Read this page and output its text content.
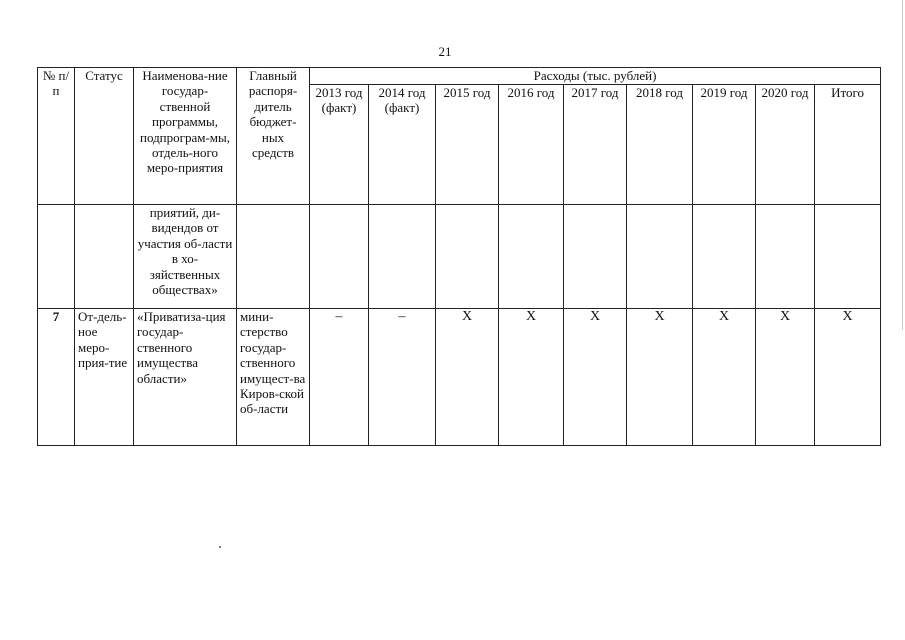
21
№ п/п	Статус	Наименова-ние государ-ственной программы, подпрограм-мы, отдель-ного меро-приятия	Главный распоря-дитель бюджет-ных средств	Расходы (тыс. рублей)								
				2013 год (факт)	2014 год (факт)	2015 год	2016 год	2017 год	2018 год	2019 год	2020 год	Итого
		приятий, ди-видендов от участия об-ласти в хо-зяйственных обществах»										
7	От-дель-ное меро-прия-тие	«Приватиза-ция государ-ственного имущества области»	мини-стерство государ-ственного имущест-ва Киров-ской об-ласти	–	–	Х	Х	Х	Х	Х	Х	Х
